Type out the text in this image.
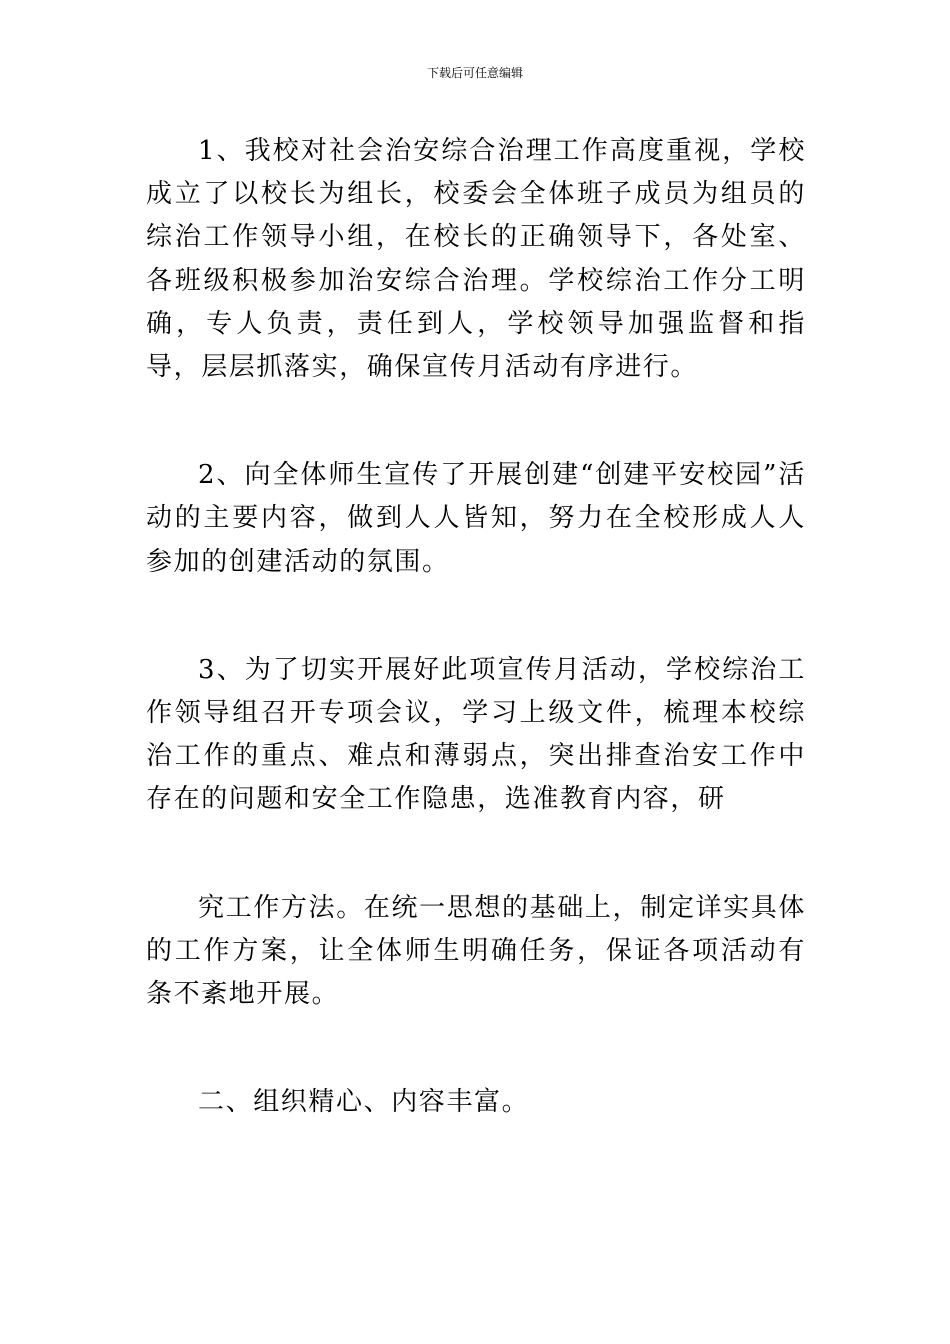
下载后可任意编辑

1、我校对社会治安综合治理工作高度重视，学校成立了以校长为组长，校委会全体班子成员为组员的综治工作领导小组，在校长的正确领导下，各处室、各班级积极参加治安综合治理。学校综治工作分工明确，专人负责，责任到人，学校领导加强监督和指导，层层抓落实，确保宣传月活动有序进行。

2、向全体师生宣传了开展创建“创建平安校园”活动的主要内容，做到人人皆知，努力在全校形成人人参加的创建活动的氛围。

3、为了切实开展好此项宣传月活动，学校综治工作领导组召开专项会议，学习上级文件，梳理本校综治工作的重点、难点和薄弱点，突出排查治安工作中存在的问题和安全工作隐患，选准教育内容，研

究工作方法。在统一思想的基础上，制定详实具体的工作方案，让全体师生明确任务，保证各项活动有条不紊地开展。

二、组织精心、内容丰富。
